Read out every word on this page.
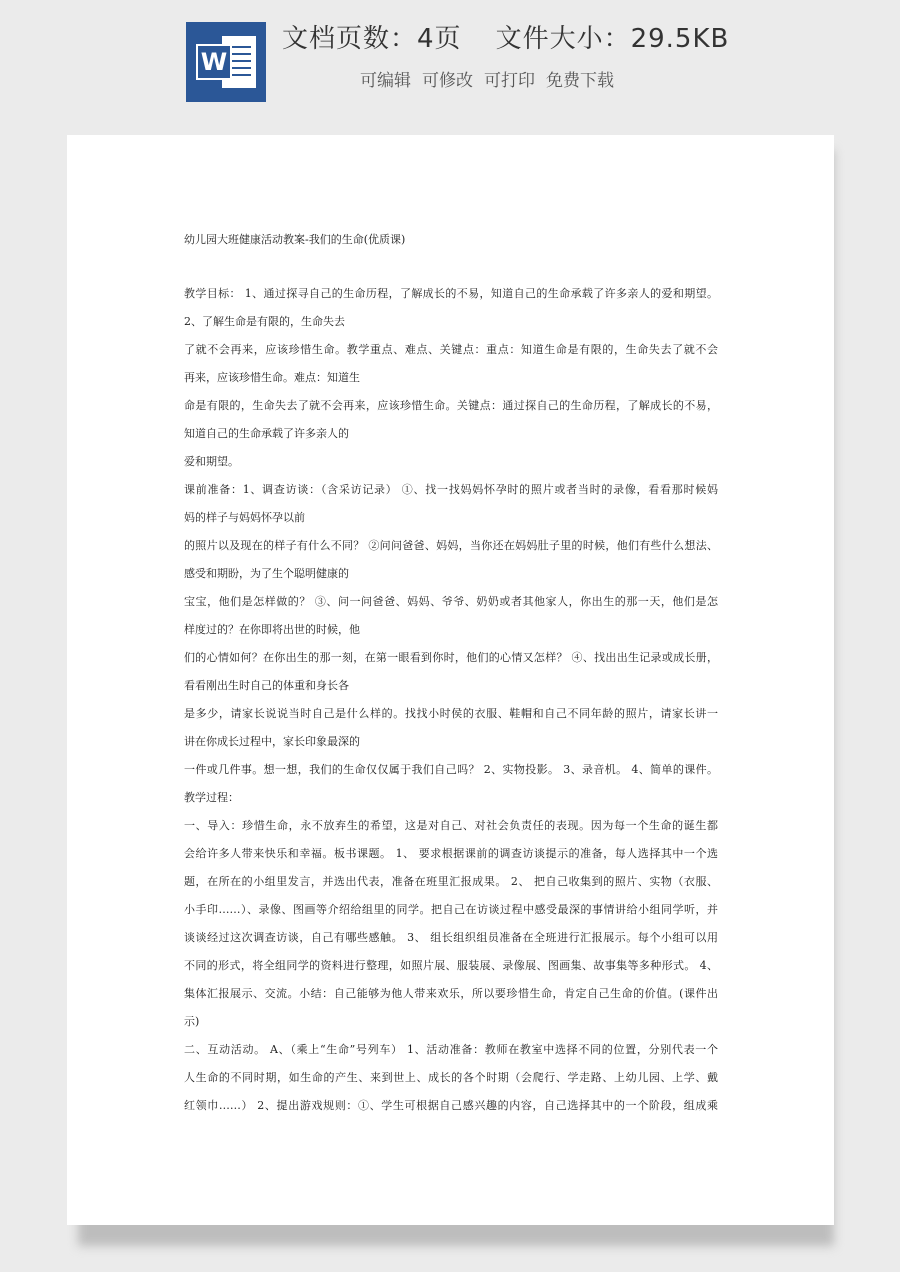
W
文档页数：4页 文件大小：29.5KB
可编辑 可修改 可打印 免费下载
幼儿园大班健康活动教案-我们的生命(优质课)
教学目标： 1、通过探寻自己的生命历程，了解成长的不易，知道自己的生命承载了许多亲人的爱和期望。
2、了解生命是有限的，生命失去
了就不会再来，应该珍惜生命。教学重点、难点、关键点：重点：知道生命是有限的，生命失去了就不会
再来，应该珍惜生命。难点：知道生
命是有限的，生命失去了就不会再来，应该珍惜生命。关键点：通过探自己的生命历程，了解成长的不易，
知道自己的生命承载了许多亲人的
爱和期望。
课前准备：1、调查访谈：（含采访记录） ①、找一找妈妈怀孕时的照片或者当时的录像，看看那时候妈
妈的样子与妈妈怀孕以前
的照片以及现在的样子有什么不同？ ②问问爸爸、妈妈，当你还在妈妈肚子里的时候，他们有些什么想法、
感受和期盼，为了生个聪明健康的
宝宝，他们是怎样做的？ ③、问一问爸爸、妈妈、爷爷、奶奶或者其他家人，你出生的那一天，他们是怎
样度过的？在你即将出世的时候，他
们的心情如何？在你出生的那一刻，在第一眼看到你时，他们的心情又怎样？ ④、找出出生记录或成长册，
看看刚出生时自己的体重和身长各
是多少，请家长说说当时自己是什么样的。找找小时侯的衣服、鞋帽和自己不同年龄的照片，请家长讲一
讲在你成长过程中，家长印象最深的
一件或几件事。想一想，我们的生命仅仅属于我们自己吗？ 2、实物投影。 3、录音机。 4、简单的课件。
教学过程：
一、导入：珍惜生命，永不放弃生的希望，这是对自己、对社会负责任的表现。因为每一个生命的诞生都
会给许多人带来快乐和幸福。板书课题。 1、 要求根据课前的调查访谈提示的准备，每人选择其中一个选
题，在所在的小组里发言，并选出代表，准备在班里汇报成果。 2、 把自己收集到的照片、实物（衣服、
小手印……）、录像、图画等介绍给组里的同学。把自己在访谈过程中感受最深的事情讲给小组同学听，并
谈谈经过这次调查访谈，自己有哪些感触。 3、 组长组织组员准备在全班进行汇报展示。每个小组可以用
不同的形式，将全组同学的资料进行整理，如照片展、服装展、录像展、图画集、故事集等多种形式。 4、
集体汇报展示、交流。小结：自己能够为他人带来欢乐，所以要珍惜生命，肯定自己生命的价值。(课件出
示)
二、互动活动。 A、（乘上“生命”号列车） 1、活动准备：教师在教室中选择不同的位置，分别代表一个
人生命的不同时期，如生命的产生、来到世上、成长的各个时期（会爬行、学走路、上幼儿园、上学、戴
红领巾……） 2、提出游戏规则：①、学生可根据自己感兴趣的内容，自己选择其中的一个阶段，组成乘
